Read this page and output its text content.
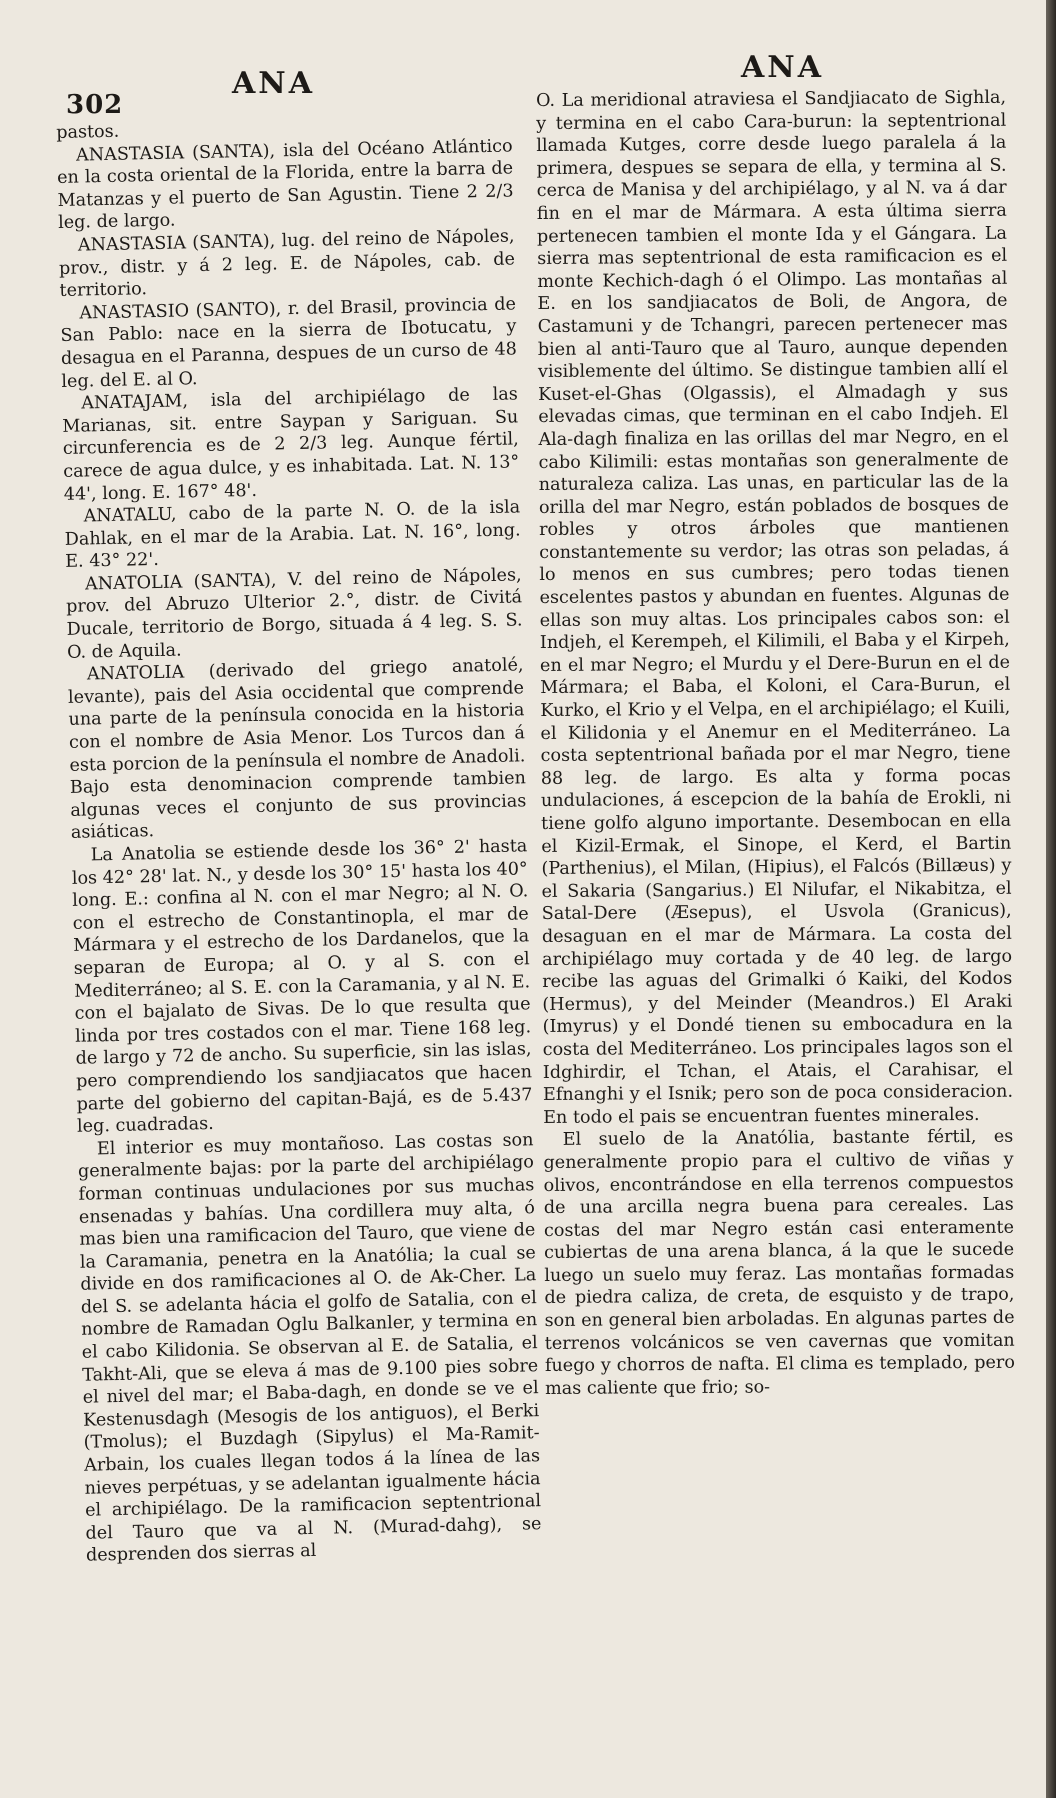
302
ANA	ANA

pastos.

ANASTASIA (SANTA), isla del Océano Atlántico en la costa oriental de la Florida, entre la barra de Matanzas y el puerto de San Agustin. Tiene 2 2/3 leg. de largo.

ANASTASIA (SANTA), lug. del reino de Nápoles, prov., distr. y á 2 leg. E. de Nápoles, cab. de territorio.

ANASTASIO (SANTO), r. del Brasil, provincia de San Pablo: nace en la sierra de Ibotucatu, y desagua en el Paranna, despues de un curso de 48 leg. del E. al O.

ANATAJAM, isla del archipiélago de las Marianas, sit. entre Saypan y Sariguan. Su circunferencia es de 2 2/3 leg. Aunque fértil, carece de agua dulce, y es inhabitada. Lat. N. 13° 44', long. E. 167° 48'.

ANATALU, cabo de la parte N. O. de la isla Dahlak, en el mar de la Arabia. Lat. N. 16°, long. E. 43° 22'.

ANATOLIA (SANTA), V. del reino de Nápoles, prov. del Abruzo Ulterior 2.°, distr. de Civitá Ducale, territorio de Borgo, situada á 4 leg. S. S. O. de Aquila.

ANATOLIA (derivado del griego anatolé, levante), pais del Asia occidental que comprende una parte de la península conocida en la historia con el nombre de Asia Menor. Los Turcos dan á esta porcion de la península el nombre de Anadoli. Bajo esta denominacion comprende tambien algunas veces el conjunto de sus provincias asiáticas.

La Anatolia se estiende desde los 36° 2' hasta los 42° 28' lat. N., y desde los 30° 15' hasta los 40° long. E.: confina al N. con el mar Negro; al N. O. con el estrecho de Constantinopla, el mar de Mármara y el estrecho de los Dardanelos, que la separan de Europa; al O. y al S. con el Mediterráneo; al S. E. con la Caramania, y al N. E. con el bajalato de Sivas. De lo que resulta que linda por tres costados con el mar. Tiene 168 leg. de largo y 72 de ancho. Su superficie, sin las islas, pero comprendiendo los sandjiacatos que hacen parte del gobierno del capitan-Bajá, es de 5.437 leg. cuadradas.

El interior es muy montañoso. Las costas son generalmente bajas: por la parte del archipiélago forman continuas undulaciones por sus muchas ensenadas y bahías. Una cordillera muy alta, ó mas bien una ramificacion del Tauro, que viene de la Caramania, penetra en la Anatólia; la cual se divide en dos ramificaciones al O. de Ak-Cher. La del S. se adelanta hácia el golfo de Satalia, con el nombre de Ramadan Oglu Balkanler, y termina en el cabo Kilidonia. Se observan al E. de Satalia, el Takht-Ali, que se eleva á mas de 9.100 pies sobre el nivel del mar; el Baba-dagh, en donde se ve el Kestenusdagh (Mesogis de los antiguos), el Berki (Tmolus); el Buzdagh (Sipylus) el Ma-Ramit-Arbain, los cuales llegan todos á la línea de las nieves perpétuas, y se adelantan igualmente hácia el archipiélago. De la ramificacion septentrional del Tauro que va al N. (Murad-dahg), se desprenden dos sierras al

O. La meridional atraviesa el Sandjiacato de Sighla, y termina en el cabo Cara-burun: la septentrional llamada Kutges, corre desde luego paralela á la primera, despues se separa de ella, y termina al S. cerca de Manisa y del archipiélago, y al N. va á dar fin en el mar de Mármara. A esta última sierra pertenecen tambien el monte Ida y el Gángara. La sierra mas septentrional de esta ramificacion es el monte Kechich-dagh ó el Olimpo. Las montañas al E. en los sandjiacatos de Boli, de Angora, de Castamuni y de Tchangri, parecen pertenecer mas bien al anti-Tauro que al Tauro, aunque dependen visiblemente del último. Se distingue tambien allí el Kuset-el-Ghas (Olgassis), el Almadagh y sus elevadas cimas, que terminan en el cabo Indjeh. El Ala-dagh finaliza en las orillas del mar Negro, en el cabo Kilimili: estas montañas son generalmente de naturaleza caliza. Las unas, en particular las de la orilla del mar Negro, están poblados de bosques de robles y otros árboles que mantienen constantemente su verdor; las otras son peladas, á lo menos en sus cumbres; pero todas tienen escelentes pastos y abundan en fuentes. Algunas de ellas son muy altas. Los principales cabos son: el Indjeh, el Kerempeh, el Kilimili, el Baba y el Kirpeh, en el mar Negro; el Murdu y el Dere-Burun en el de Mármara; el Baba, el Koloni, el Cara-Burun, el Kurko, el Krio y el Velpa, en el archipiélago; el Kuili, el Kilidonia y el Anemur en el Mediterráneo. La costa septentrional bañada por el mar Negro, tiene 88 leg. de largo. Es alta y forma pocas undulaciones, á escepcion de la bahía de Erokli, ni tiene golfo alguno importante. Desembocan en ella el Kizil-Ermak, el Sinope, el Kerd, el Bartin (Parthenius), el Milan, (Hipius), el Falcós (Billæus) y el Sakaria (Sangarius.) El Nilufar, el Nikabitza, el Satal-Dere (Æsepus), el Usvola (Granicus), desaguan en el mar de Mármara. La costa del archipiélago muy cortada y de 40 leg. de largo recibe las aguas del Grimalki ó Kaiki, del Kodos (Hermus), y del Meinder (Meandros.) El Araki (Imyrus) y el Dondé tienen su embocadura en la costa del Mediterráneo. Los principales lagos son el Idghirdir, el Tchan, el Atais, el Carahisar, el Efnanghi y el Isnik; pero son de poca consideracion. En todo el pais se encuentran fuentes minerales.

El suelo de la Anatólia, bastante fértil, es generalmente propio para el cultivo de viñas y olivos, encontrándose en ella terrenos compuestos de una arcilla negra buena para cereales. Las costas del mar Negro están casi enteramente cubiertas de una arena blanca, á la que le sucede luego un suelo muy feraz. Las montañas formadas de piedra caliza, de creta, de esquisto y de trapo, son en general bien arboladas. En algunas partes de terrenos volcánicos se ven cavernas que vomitan fuego y chorros de nafta. El clima es templado, pero mas caliente que frio; so-
